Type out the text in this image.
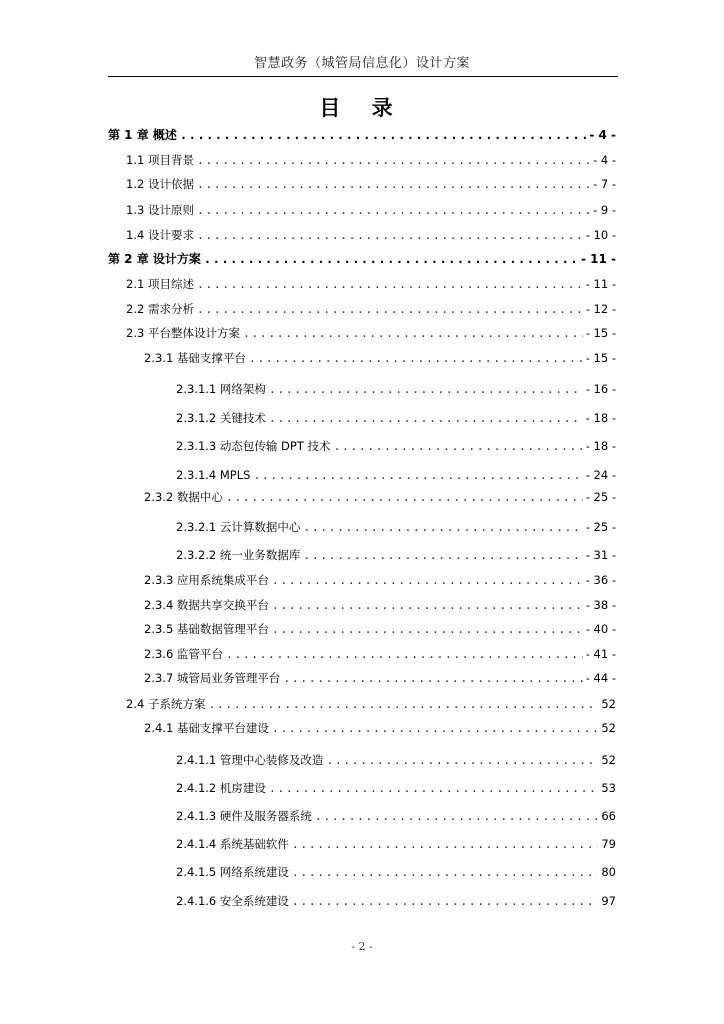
智慧政务（城管局信息化）设计方案
目 录
第 1 章 概述 .....	- 4 -
1.1 项目背景 .....	- 4 -
1.2 设计依据 .....	- 7 -
1.3 设计原则 .....	- 9 -
1.4 设计要求 .....	- 10 -
第 2 章 设计方案 .....	- 11 -
2.1 项目综述 .....	- 11 -
2.2 需求分析 .....	- 12 -
2.3 平台整体设计方案 .....	- 15 -
2.3.1 基础支撑平台 .....	- 15 -
2.3.1.1 网络架构 .....	- 16 -
2.3.1.2 关键技术 .....	- 18 -
2.3.1.3 动态包传输 DPT 技术 .....	- 18 -
2.3.1.4 MPLS .....	- 24 -
2.3.2 数据中心 .....	- 25 -
2.3.2.1 云计算数据中心 .....	- 25 -
2.3.2.2 统一业务数据库 .....	- 31 -
2.3.3 应用系统集成平台 .....	- 36 -
2.3.4 数据共享交换平台 .....	- 38 -
2.3.5 基础数据管理平台 .....	- 40 -
2.3.6 监管平台 .....	- 41 -
2.3.7 城管局业务管理平台 .....	- 44 -
2.4 子系统方案 .....	52
2.4.1 基础支撑平台建设 .....	52
2.4.1.1 管理中心装修及改造 .....	52
2.4.1.2 机房建设 .....	53
2.4.1.3 硬件及服务器系统 .....	66
2.4.1.4 系统基础软件 .....	79
2.4.1.5 网络系统建设 .....	80
2.4.1.6 安全系统建设 .....	97
- 2 -
